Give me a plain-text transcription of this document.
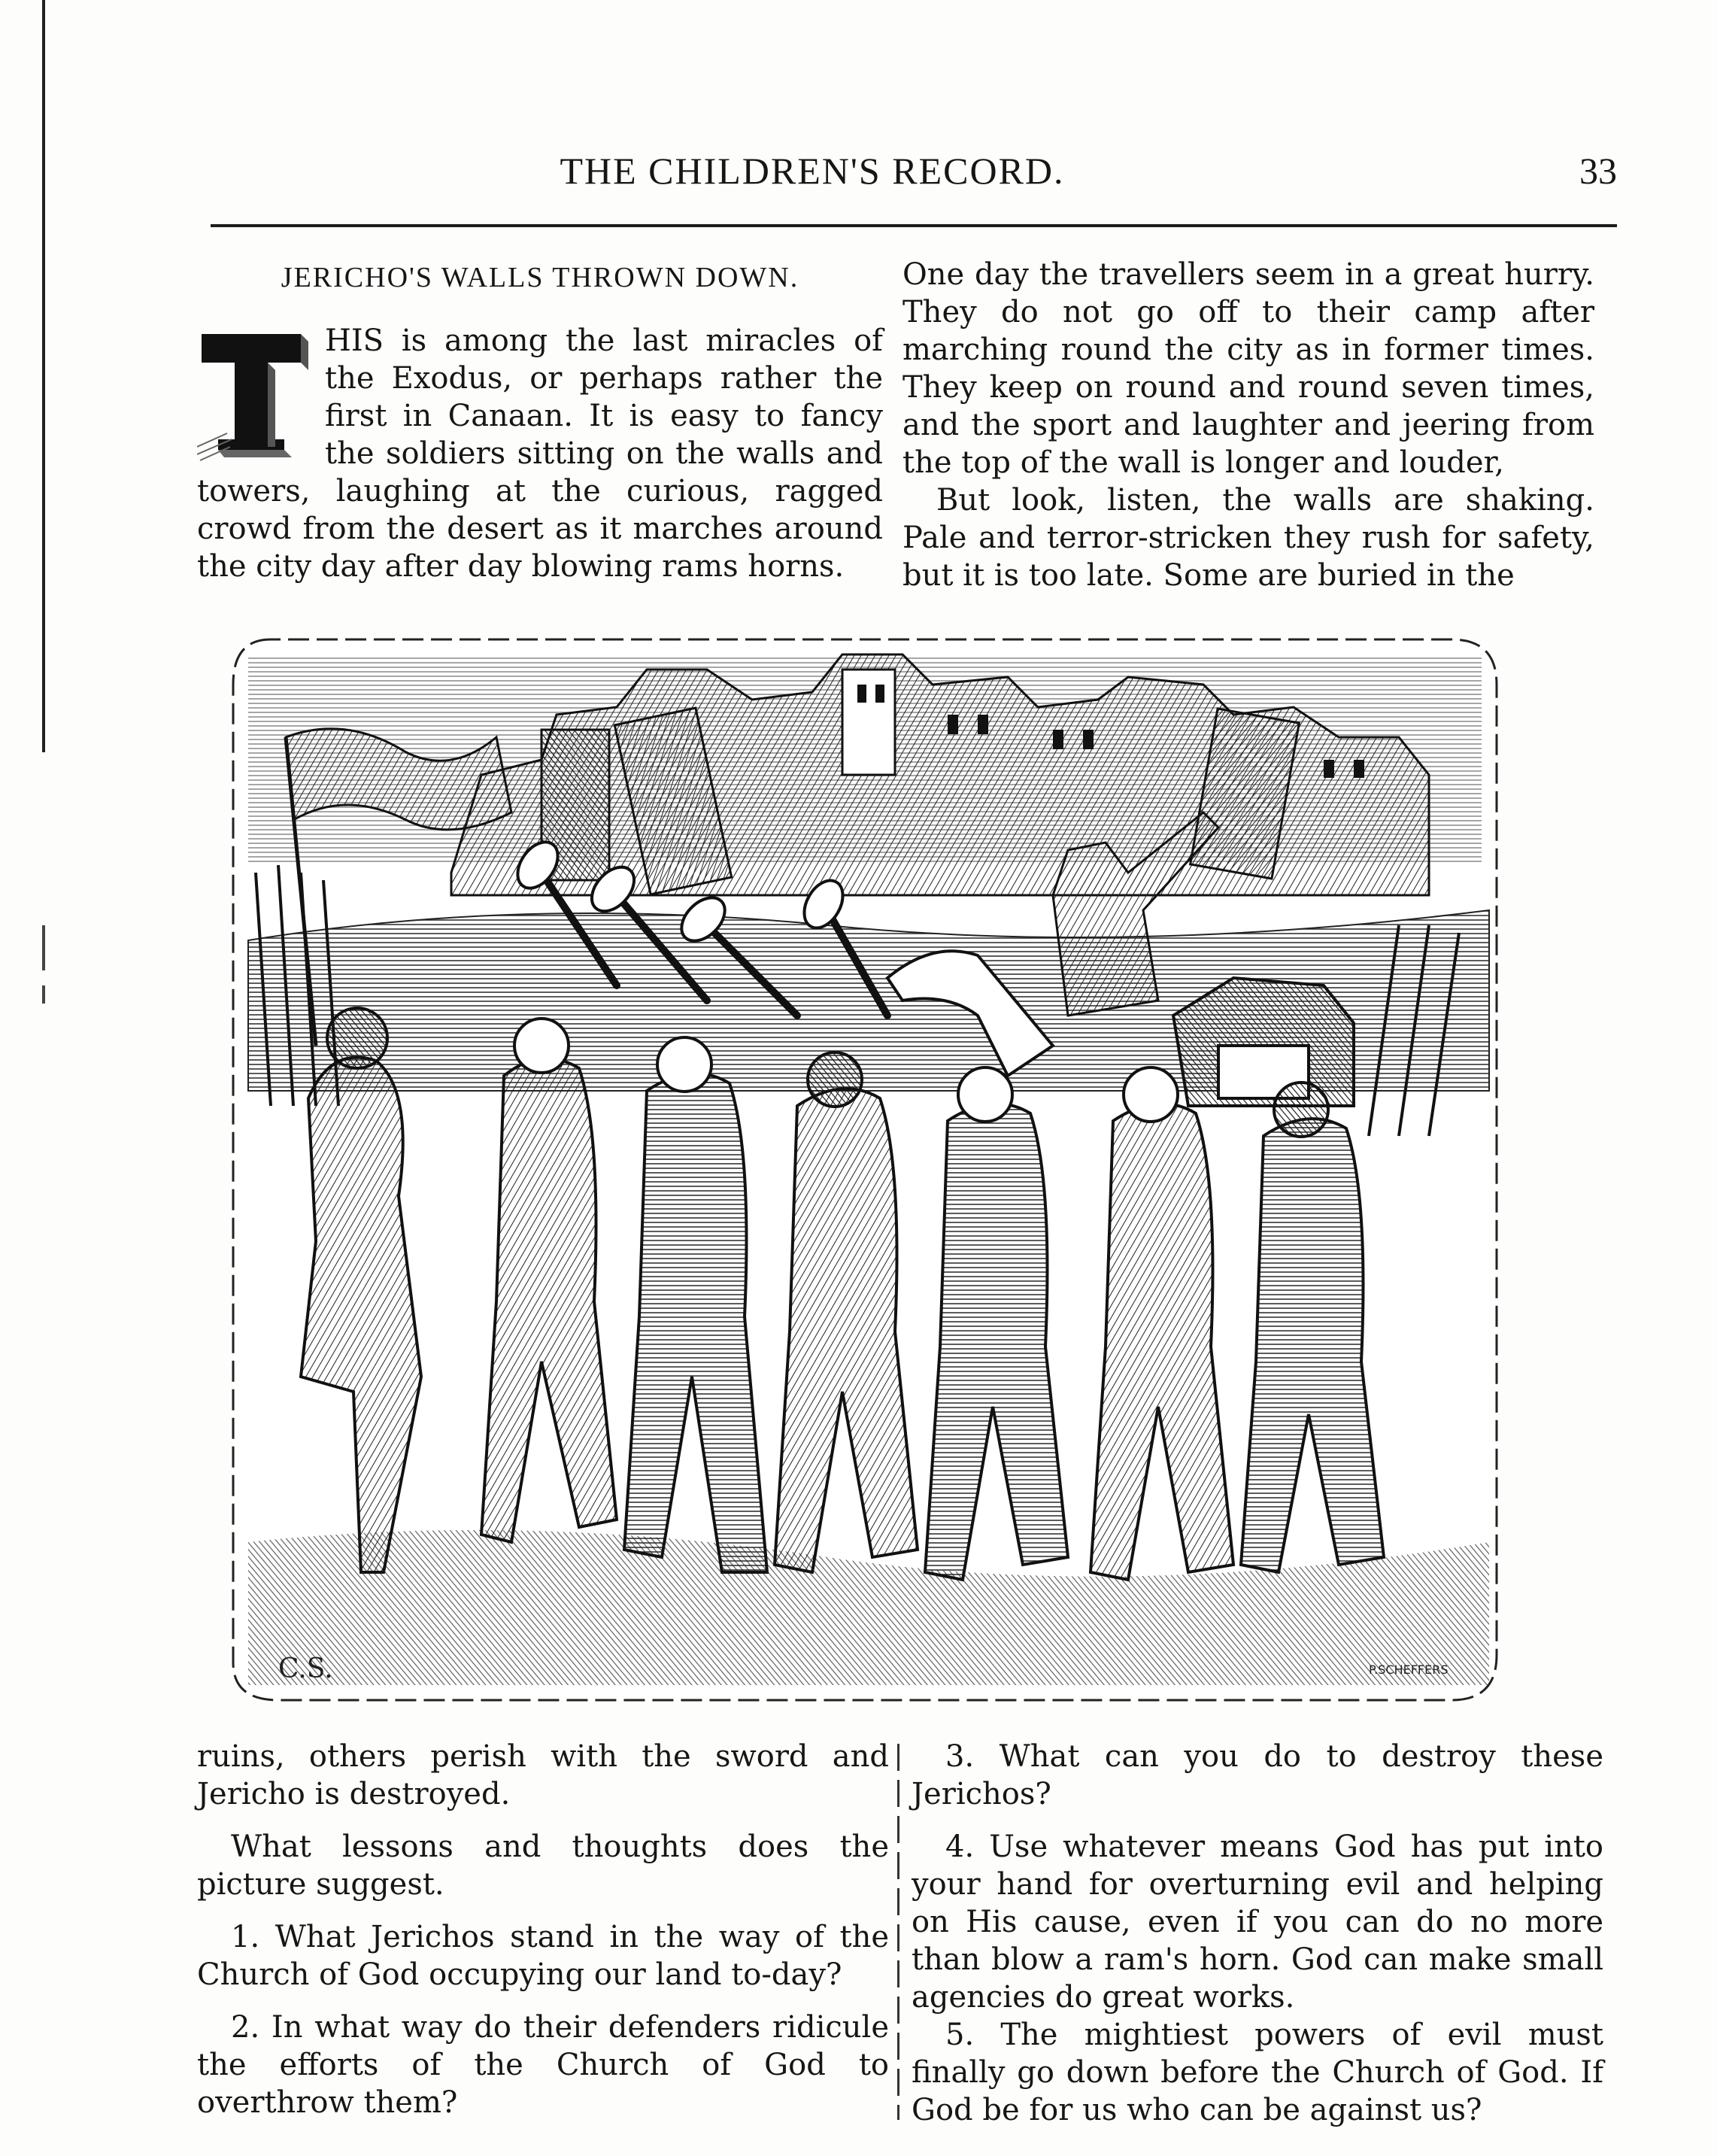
THE CHILDREN'S RECORD.	33
JERICHO'S WALLS THROWN DOWN.
T

HIS is among the last miracles of the Exodus, or perhaps rather the first in Canaan. It is easy to fancy the soldiers sitting on the walls and towers, laughing at the curious, ragged crowd from the desert as it marches around the city day after day blowing rams horns.

One day the travellers seem in a great hurry. They do not go off to their camp after marching round the city as in former times. They keep on round and round seven times, and the sport and laughter and jeering from the top of the wall is longer and louder,

But look, listen, the walls are shaking. Pale and terror-stricken they rush for safety, but it is too late. Some are buried in the

C.S.	P.SCHEFFERS

ruins, others perish with the sword and Jericho is destroyed.

What lessons and thoughts does the picture suggest.

1. What Jerichos stand in the way of the Church of God occupying our land to-day?

2. In what way do their defenders ridicule the efforts of the Church of God to overthrow them?

3. What can you do to destroy these Jerichos?

4. Use whatever means God has put into your hand for overturning evil and helping on His cause, even if you can do no more than blow a ram's horn. God can make small agencies do great works.

5. The mightiest powers of evil must finally go down before the Church of God. If God be for us who can be against us?
